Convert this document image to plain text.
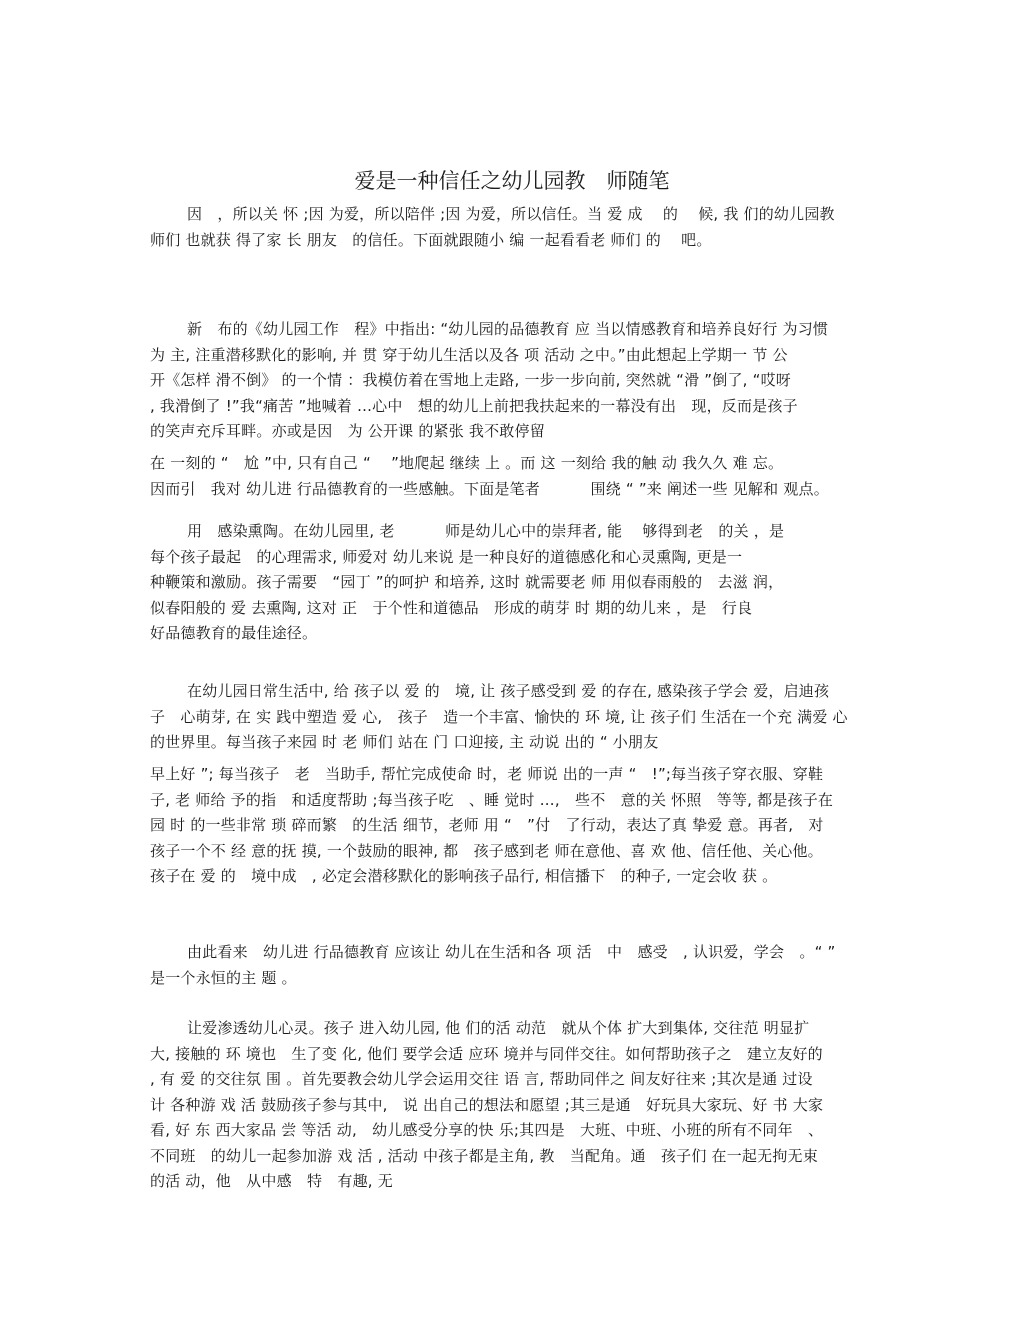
爱是一种信任之幼儿园教　师随笔
因　，所以关 怀 ;因 为爱，所以陪伴 ;因 为爱，所以信任。当 爱 成　 的　 候, 我 们的幼儿园教
师们 也就获 得了家 长 朋友　的信任。下面就跟随小 编 一起看看老 师们 的　 吧。
新　布的《幼儿园工作　程》中指出: “幼儿园的品德教育 应 当以情感教育和培养良好行 为习惯
为 主, 注重潜移默化的影响, 并 贯 穿于幼儿生活以及各 项 活动 之中。”由此想起上学期一 节 公
开《怎样 滑不倒》 的一个情 ：我模仿着在雪地上走路, 一步一步向前, 突然就 “滑 ”倒了, “哎呀
, 我滑倒了 !”我“痛苦 ”地喊着 …心中　想的幼儿上前把我扶起来的一幕没有出　现，反而是孩子
的笑声充斥耳畔。亦或是因　为 公开课 的紧张 我不敢停留
在 一刻的 “　尬 ”中, 只有自己 “　 ”地爬起 继续 上 。而 这 一刻给 我的触 动 我久久 难 忘。
因而引　我对 幼儿进 行品德教育的一些感触。下面是笔者　　　 围绕 “ ”来 阐述一些 见解和 观点。
用　感染熏陶。在幼儿园里, 老　　　 师是幼儿心中的崇拜者, 能　 够得到老　的关 ，是
每个孩子最起　的心理需求, 师爱对 幼儿来说 是一种良好的道德感化和心灵熏陶, 更是一
种鞭策和激励。孩子需要　“园丁 ”的呵护 和培养, 这时 就需要老 师 用似春雨般的　去滋 润，
似春阳般的 爱 去熏陶, 这对 正　于个性和道德品　形成的萌芽 时 期的幼儿来 ，是　行良
好品德教育的最佳途径。
在幼儿园日常生活中, 给 孩子以 爱 的　境, 让 孩子感受到 爱 的存在, 感染孩子学会 爱，启迪孩
子　心萌芽, 在 实 践中塑造 爱 心,　孩子　造一个丰富、愉快的 环 境, 让 孩子们 生活在一个充 满爱 心
的世界里。每当孩子来园 时 老 师们 站在 门 口迎接, 主 动说 出的 “ 小朋友
早上好 ”; 每当孩子　老　当助手, 帮忙完成使命 时，老 师说 出的一声 “　!”;每当孩子穿衣服、穿鞋
子, 老 师给 予的指　和适度帮助 ;每当孩子吃　、睡 觉时 …,　些不　意的关 怀照　等等, 都是孩子在
园 时 的一些非常 琐 碎而繁　的生活 细节，老师 用 “　”付　了行动，表达了真 挚爱 意。再者,　对
孩子一个不 经 意的抚 摸, 一个鼓励的眼神, 都　孩子感到老 师在意他、喜 欢 他、信任他、关心他。
孩子在 爱 的　境中成　, 必定会潜移默化的影响孩子品行, 相信播下　的种子, 一定会收 获 。
由此看来　幼儿进 行品德教育 应该让 幼儿在生活和各 项 活　中　感受　, 认识爱，学会　。“ ”
是一个永恒的主 题 。
让爱渗透幼儿心灵。孩子 进入幼儿园, 他 们的活 动范　就从个体 扩大到集体, 交往范 明显扩
大, 接触的 环 境也　生了变 化, 他们 要学会适 应环 境并与同伴交往。如何帮助孩子之　建立友好的
, 有 爱 的交往氛 围 。首先要教会幼儿学会运用交往 语 言, 帮助同伴之 间友好往来 ;其次是通 过设
计 各种游 戏 活 鼓励孩子参与其中,　说 出自己的想法和愿望 ;其三是通　好玩具大家玩、好 书 大家
看, 好 东 西大家品 尝 等活 动,　幼儿感受分享的快 乐;其四是　大班、中班、小班的所有不同年　、
不同班　的幼儿一起参加游 戏 活 , 活动 中孩子都是主角, 教　当配角。通　孩子们 在一起无拘无束
的活 动，他　从中感　特　有趣, 无
